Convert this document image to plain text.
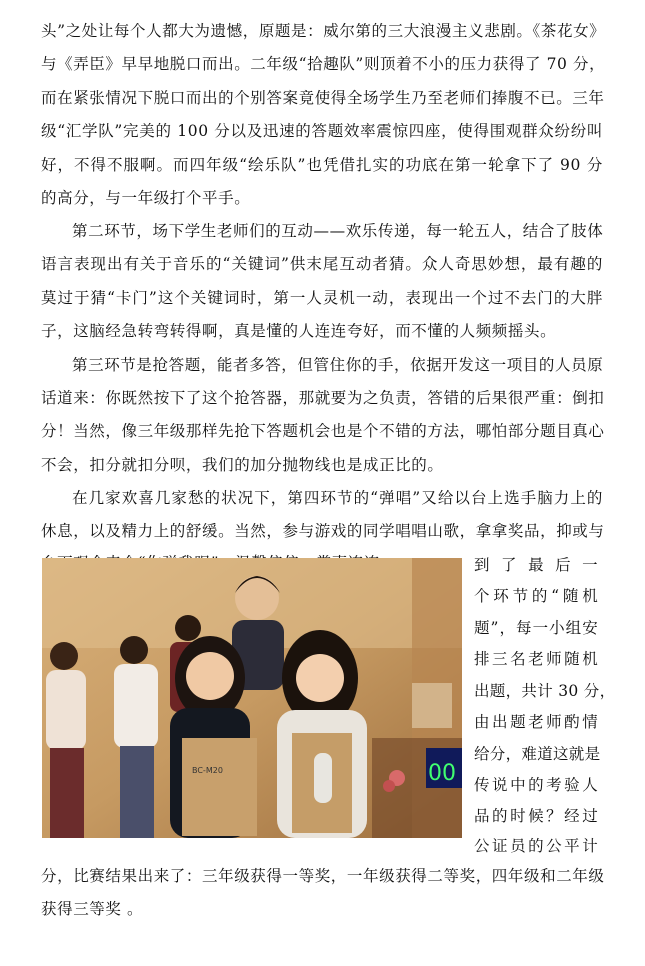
头”之处让每个人都大为遗憾，原题是：威尔第的三大浪漫主义悲剧。《茶花女》
与《弄臣》早早地脱口而出。二年级“拾趣队”则顶着不小的压力获得了 70 分，
而在紧张情况下脱口而出的个别答案竟使得全场学生乃至老师们捧腹不已。三年
级“汇学队”完美的 100 分以及迅速的答题效率震惊四座，使得围观群众纷纷叫
好，不得不服啊。而四年级“绘乐队”也凭借扎实的功底在第一轮拿下了 90 分
的高分，与一年级打个平手。
第二环节，场下学生老师们的互动——欢乐传递，每一轮五人，结合了肢体
语言表现出有关于音乐的“关键词”供末尾互动者猜。众人奇思妙想，最有趣的
莫过于猜“卡门”这个关键词时，第一人灵机一动，表现出一个过不去门的大胖
子，这脑经急转弯转得啊，真是懂的人连连夸好，而不懂的人频频摇头。
第三环节是抢答题，能者多答，但管住你的手，依据开发这一项目的人员原
话道来：你既然按下了这个抢答器，那就要为之负责，答错的后果很严重：倒扣
分！当然，像三年级那样先抢下答题机会也是个不错的方法，哪怕部分题目真心
不会，扣分就扣分呗，我们的加分抛物线也是成正比的。
在几家欢喜几家愁的状况下，第四环节的“弹唱”又给以台上选手脑力上的
休息，以及精力上的舒缓。当然，参与游戏的同学唱唱山歌，拿拿奖品，抑或与
00
BC-M20
到了最后一
个环节的“随机
题”，每一小组安
排三名老师随机
出题，共计 30 分，
由出题老师酌情
给分，难道这就是
传说中的考验人
品的时候？经过
公证员的公平计
分，比赛结果出来了：三年级获得一等奖，一年级获得二等奖，四年级和二年级
获得三等奖 。
